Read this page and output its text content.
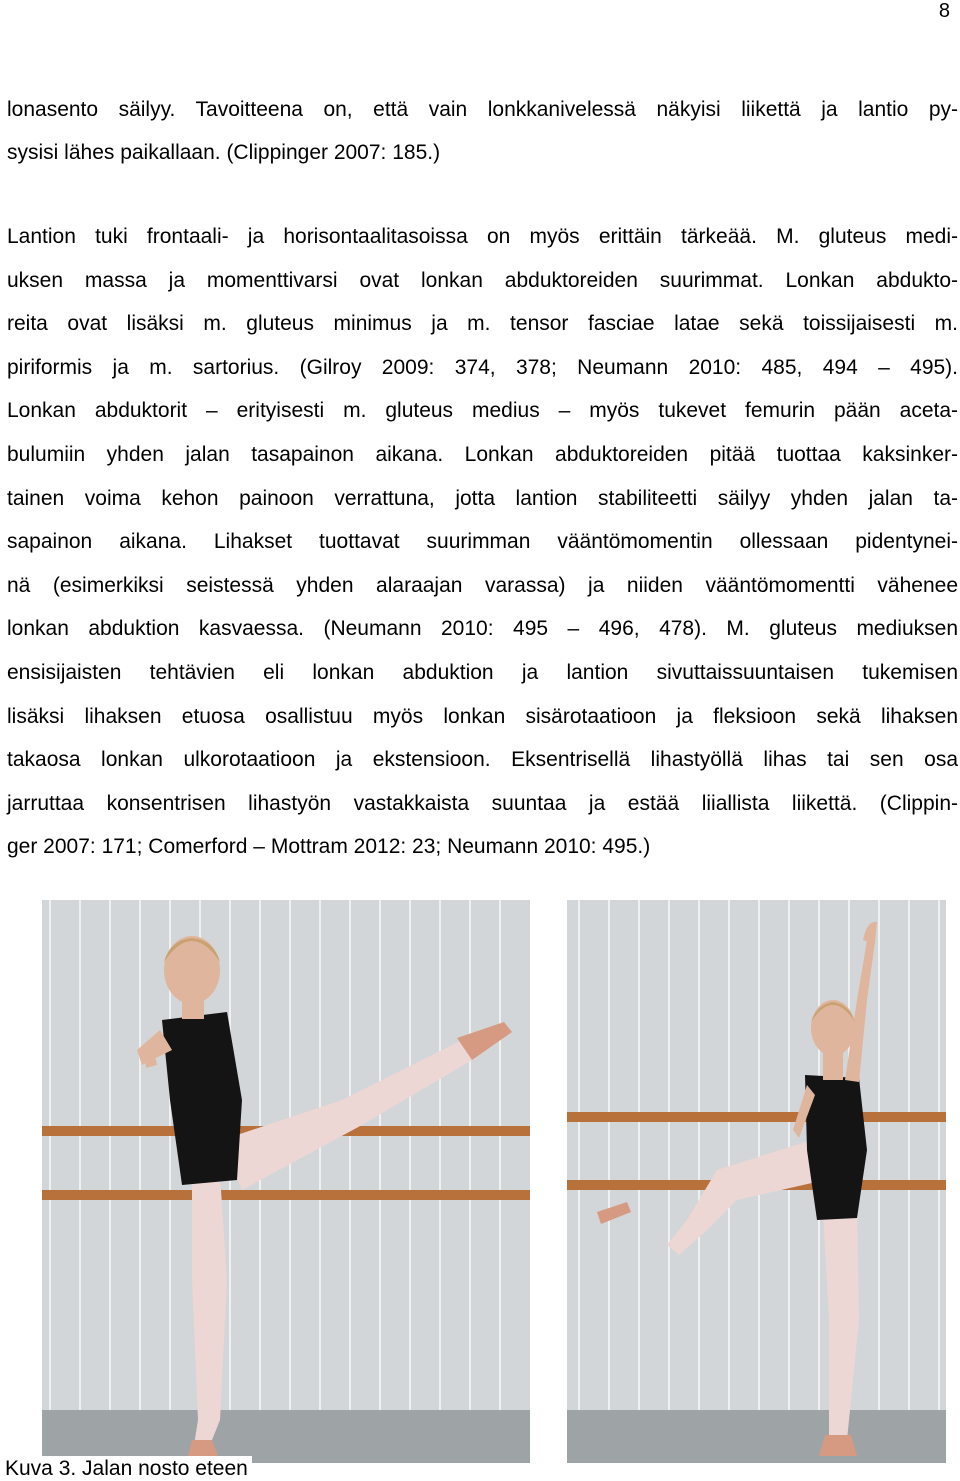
8
lonasento säilyy. Tavoitteena on, että vain lonkkanivelessä näkyisi liikettä ja lantio py-
sysisi lähes paikallaan. (Clippinger 2007: 185.)
Lantion tuki frontaali- ja horisontaalitasoissa on myös erittäin tärkeää. M. gluteus medi-
uksen massa ja momenttivarsi ovat lonkan abduktoreiden suurimmat. Lonkan abdukto-
reita ovat lisäksi m. gluteus minimus ja m. tensor fasciae latae sekä toissijaisesti m.
piriformis ja m. sartorius. (Gilroy 2009: 374, 378; Neumann 2010: 485, 494 – 495).
Lonkan abduktorit – erityisesti m. gluteus medius – myös tukevet femurin pään aceta-
bulumiin yhden jalan tasapainon aikana. Lonkan abduktoreiden pitää tuottaa kaksinker-
tainen voima kehon painoon verrattuna, jotta lantion stabiliteetti säilyy yhden jalan ta-
sapainon aikana. Lihakset tuottavat suurimman vääntömomentin ollessaan pidentynei-
nä (esimerkiksi seistessä yhden alaraajan varassa) ja niiden vääntömomentti vähenee
lonkan abduktion kasvaessa. (Neumann 2010: 495 – 496, 478). M. gluteus mediuksen
ensisijaisten tehtävien eli lonkan abduktion ja lantion sivuttaissuuntaisen tukemisen
lisäksi lihaksen etuosa osallistuu myös lonkan sisärotaatioon ja fleksioon sekä lihaksen
takaosa lonkan ulkorotaatioon ja ekstensioon. Eksentrisellä lihastyöllä lihas tai sen osa
jarruttaa konsentrisen lihastyön vastakkaista suuntaa ja estää liiallista liikettä. (Clippin-
ger 2007: 171; Comerford – Mottram 2012: 23; Neumann 2010: 495.)
Kuva 3. Jalan nosto eteen
